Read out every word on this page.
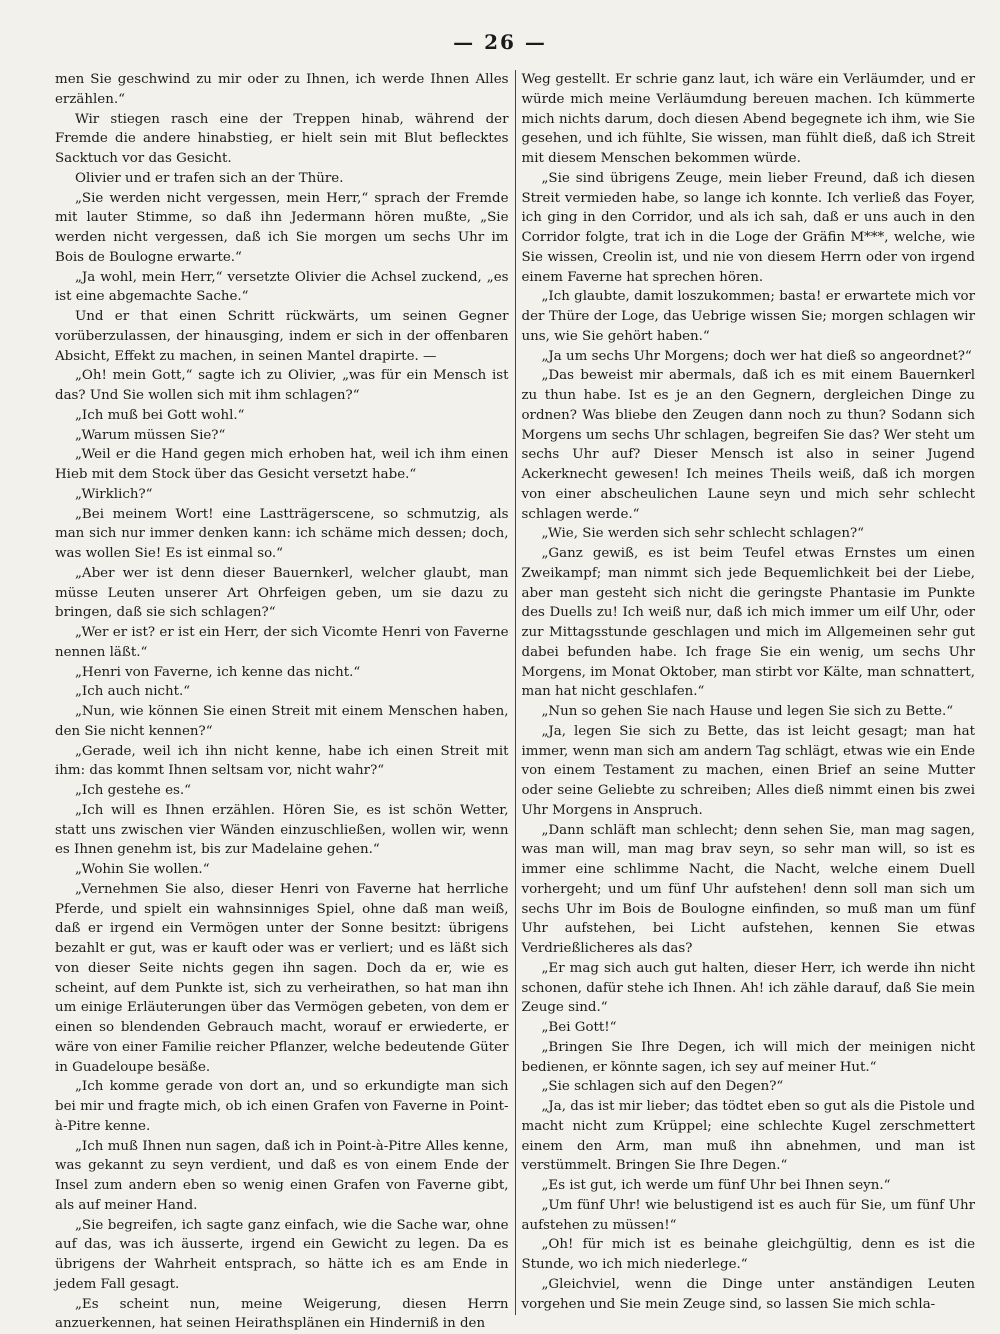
— 26 —

men Sie geschwind zu mir oder zu Ihnen, ich werde Ihnen Alles erzählen.“

Wir stiegen rasch eine der Treppen hinab, während der Fremde die andere hinabstieg, er hielt sein mit Blut beflecktes Sacktuch vor das Gesicht.

Olivier und er trafen sich an der Thüre.

„Sie werden nicht vergessen, mein Herr,“ sprach der Fremde mit lauter Stimme, so daß ihn Jedermann hören mußte, „Sie werden nicht vergessen, daß ich Sie morgen um sechs Uhr im Bois de Boulogne erwarte.“

„Ja wohl, mein Herr,“ versetzte Olivier die Achsel zuckend, „es ist eine abgemachte Sache.“

Und er that einen Schritt rückwärts, um seinen Gegner vorüberzulassen, der hinausging, indem er sich in der offenbaren Absicht, Effekt zu machen, in seinen Mantel drapirte. —

„Oh! mein Gott,“ sagte ich zu Olivier, „was für ein Mensch ist das? Und Sie wollen sich mit ihm schlagen?“

„Ich muß bei Gott wohl.“

„Warum müssen Sie?“

„Weil er die Hand gegen mich erhoben hat, weil ich ihm einen Hieb mit dem Stock über das Gesicht versetzt habe.“

„Wirklich?“

„Bei meinem Wort! eine Lastträgerscene, so schmutzig, als man sich nur immer denken kann: ich schäme mich dessen; doch, was wollen Sie! Es ist einmal so.“

„Aber wer ist denn dieser Bauernkerl, welcher glaubt, man müsse Leuten unserer Art Ohrfeigen geben, um sie dazu zu bringen, daß sie sich schlagen?“

„Wer er ist? er ist ein Herr, der sich Vicomte Henri von Faverne nennen läßt.“

„Henri von Faverne, ich kenne das nicht.“

„Ich auch nicht.“

„Nun, wie können Sie einen Streit mit einem Menschen haben, den Sie nicht kennen?“

„Gerade, weil ich ihn nicht kenne, habe ich einen Streit mit ihm: das kommt Ihnen seltsam vor, nicht wahr?“

„Ich gestehe es.“

„Ich will es Ihnen erzählen. Hören Sie, es ist schön Wetter, statt uns zwischen vier Wänden einzuschließen, wollen wir, wenn es Ihnen genehm ist, bis zur Madelaine gehen.“

„Wohin Sie wollen.“

„Vernehmen Sie also, dieser Henri von Faverne hat herrliche Pferde, und spielt ein wahnsinniges Spiel, ohne daß man weiß, daß er irgend ein Vermögen unter der Sonne besitzt: übrigens bezahlt er gut, was er kauft oder was er verliert; und es läßt sich von dieser Seite nichts gegen ihn sagen. Doch da er, wie es scheint, auf dem Punkte ist, sich zu verheirathen, so hat man ihn um einige Erläuterungen über das Vermögen gebeten, von dem er einen so blendenden Gebrauch macht, worauf er erwiederte, er wäre von einer Familie reicher Pflanzer, welche bedeutende Güter in Guadeloupe besäße.

„Ich komme gerade von dort an, und so erkundigte man sich bei mir und fragte mich, ob ich einen Grafen von Faverne in Point-à-Pitre kenne.

„Ich muß Ihnen nun sagen, daß ich in Point-à-Pitre Alles kenne, was gekannt zu seyn verdient, und daß es von einem Ende der Insel zum andern eben so wenig einen Grafen von Faverne gibt, als auf meiner Hand.

„Sie begreifen, ich sagte ganz einfach, wie die Sache war, ohne auf das, was ich äusserte, irgend ein Gewicht zu legen. Da es übrigens der Wahrheit entsprach, so hätte ich es am Ende in jedem Fall gesagt.

„Es scheint nun, meine Weigerung, diesen Herrn anzuerkennen, hat seinen Heirathsplänen ein Hinderniß in den

Weg gestellt. Er schrie ganz laut, ich wäre ein Verläumder, und er würde mich meine Verläumdung bereuen machen. Ich kümmerte mich nichts darum, doch diesen Abend begegnete ich ihm, wie Sie gesehen, und ich fühlte, Sie wissen, man fühlt dieß, daß ich Streit mit diesem Menschen bekommen würde.

„Sie sind übrigens Zeuge, mein lieber Freund, daß ich diesen Streit vermieden habe, so lange ich konnte. Ich verließ das Foyer, ich ging in den Corridor, und als ich sah, daß er uns auch in den Corridor folgte, trat ich in die Loge der Gräfin M***, welche, wie Sie wissen, Creolin ist, und nie von diesem Herrn oder von irgend einem Faverne hat sprechen hören.

„Ich glaubte, damit loszukommen; basta! er erwartete mich vor der Thüre der Loge, das Uebrige wissen Sie; morgen schlagen wir uns, wie Sie gehört haben.“

„Ja um sechs Uhr Morgens; doch wer hat dieß so angeordnet?“

„Das beweist mir abermals, daß ich es mit einem Bauernkerl zu thun habe. Ist es je an den Gegnern, dergleichen Dinge zu ordnen? Was bliebe den Zeugen dann noch zu thun? Sodann sich Morgens um sechs Uhr schlagen, begreifen Sie das? Wer steht um sechs Uhr auf? Dieser Mensch ist also in seiner Jugend Ackerknecht gewesen! Ich meines Theils weiß, daß ich morgen von einer abscheulichen Laune seyn und mich sehr schlecht schlagen werde.“

„Wie, Sie werden sich sehr schlecht schlagen?“

„Ganz gewiß, es ist beim Teufel etwas Ernstes um einen Zweikampf; man nimmt sich jede Bequemlichkeit bei der Liebe, aber man gesteht sich nicht die geringste Phantasie im Punkte des Duells zu! Ich weiß nur, daß ich mich immer um eilf Uhr, oder zur Mittagsstunde geschlagen und mich im Allgemeinen sehr gut dabei befunden habe. Ich frage Sie ein wenig, um sechs Uhr Morgens, im Monat Oktober, man stirbt vor Kälte, man schnattert, man hat nicht geschlafen.“

„Nun so gehen Sie nach Hause und legen Sie sich zu Bette.“

„Ja, legen Sie sich zu Bette, das ist leicht gesagt; man hat immer, wenn man sich am andern Tag schlägt, etwas wie ein Ende von einem Testament zu machen, einen Brief an seine Mutter oder seine Geliebte zu schreiben; Alles dieß nimmt einen bis zwei Uhr Morgens in Anspruch.

„Dann schläft man schlecht; denn sehen Sie, man mag sagen, was man will, man mag brav seyn, so sehr man will, so ist es immer eine schlimme Nacht, die Nacht, welche einem Duell vorhergeht; und um fünf Uhr aufstehen! denn soll man sich um sechs Uhr im Bois de Boulogne einfinden, so muß man um fünf Uhr aufstehen, bei Licht aufstehen, kennen Sie etwas Verdrießlicheres als das?

„Er mag sich auch gut halten, dieser Herr, ich werde ihn nicht schonen, dafür stehe ich Ihnen. Ah! ich zähle darauf, daß Sie mein Zeuge sind.“

„Bei Gott!“

„Bringen Sie Ihre Degen, ich will mich der meinigen nicht bedienen, er könnte sagen, ich sey auf meiner Hut.“

„Sie schlagen sich auf den Degen?“

„Ja, das ist mir lieber; das tödtet eben so gut als die Pistole und macht nicht zum Krüppel; eine schlechte Kugel zerschmettert einem den Arm, man muß ihn abnehmen, und man ist verstümmelt. Bringen Sie Ihre Degen.“

„Es ist gut, ich werde um fünf Uhr bei Ihnen seyn.“

„Um fünf Uhr! wie belustigend ist es auch für Sie, um fünf Uhr aufstehen zu müssen!“

„Oh! für mich ist es beinahe gleichgültig, denn es ist die Stunde, wo ich mich niederlege.“

„Gleichviel, wenn die Dinge unter anständigen Leuten vorgehen und Sie mein Zeuge sind, so lassen Sie mich schla-
